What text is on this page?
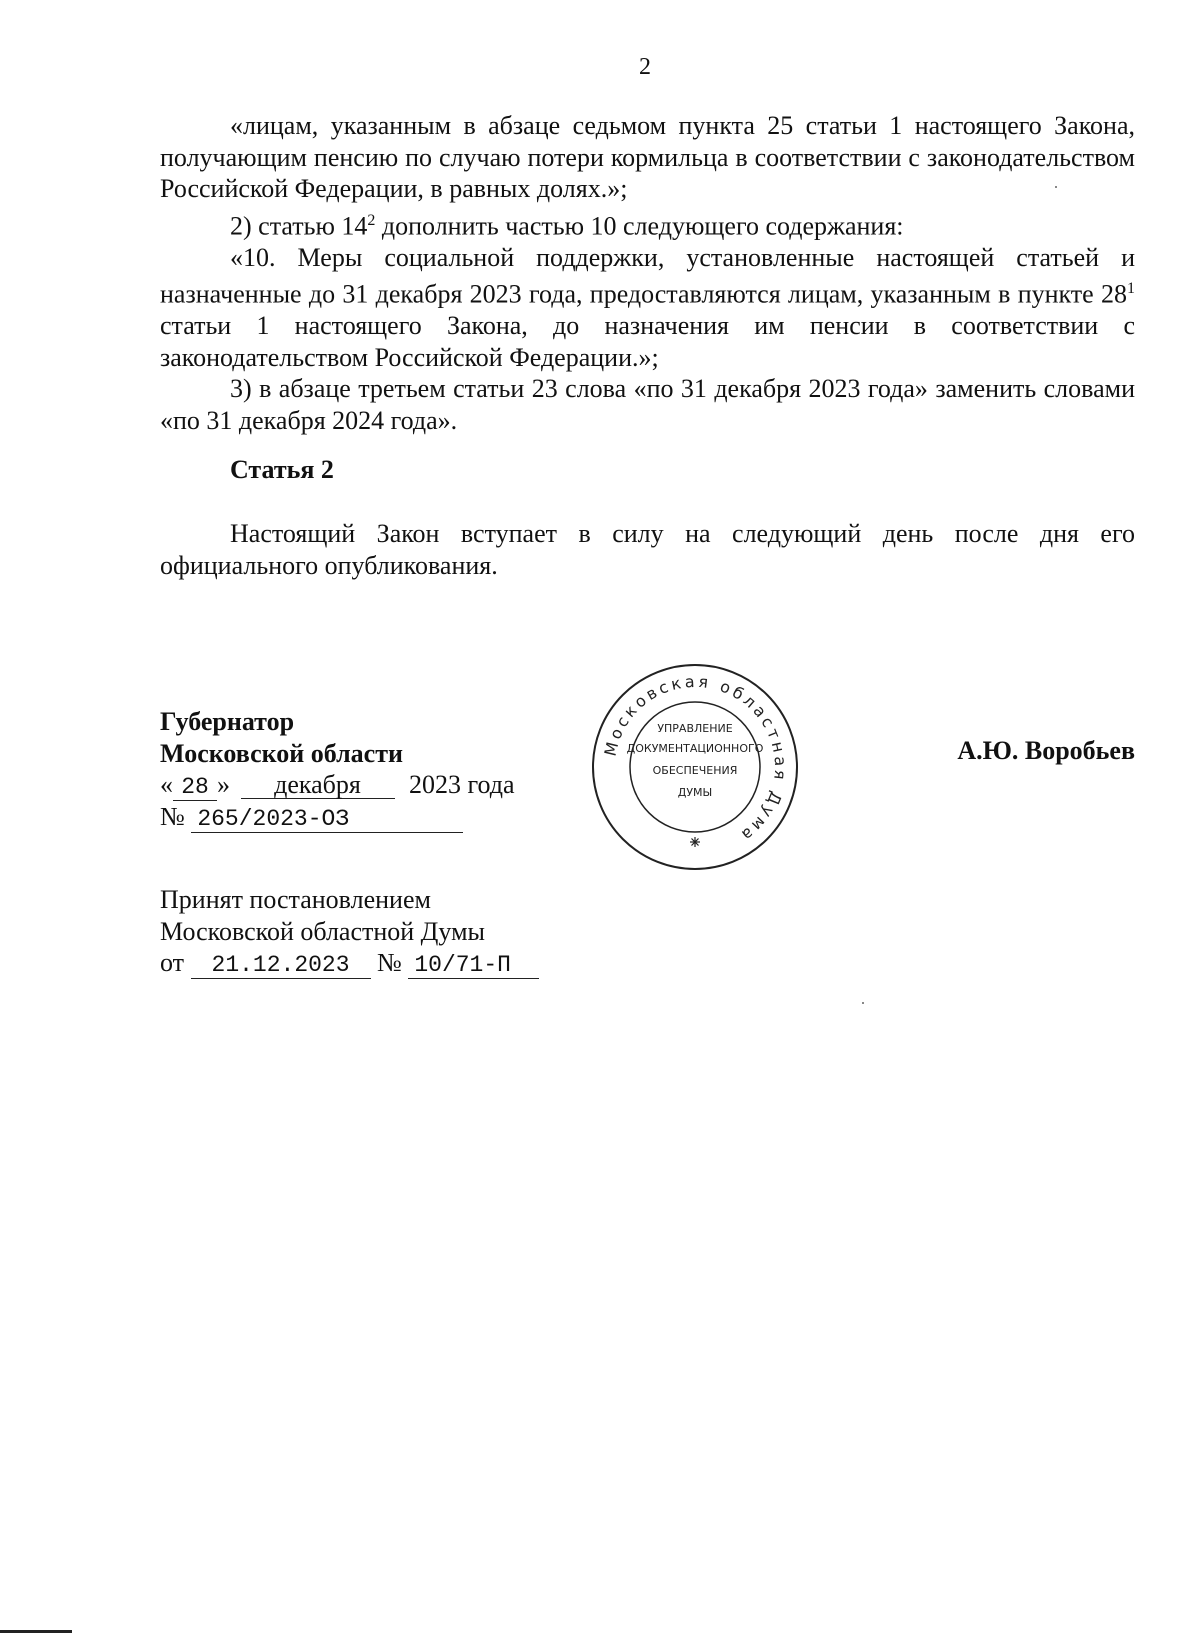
2

«лицам, указанным в абзаце седьмом пункта 25 статьи 1 настоящего Закона, получающим пенсию по случаю потери кормильца в соответствии с законодательством Российской Федерации, в равных долях.»;

2) статью $14^2$ дополнить частью 10 следующего содержания:

«10. Меры социальной поддержки, установленные настоящей статьей и назначенные до 31 декабря 2023 года, предоставляются лицам, указанным в пункте $28^1$ статьи 1 настоящего Закона, до назначения им пенсии в соответствии с законодательством Российской Федерации.»;

3) в абзаце третьем статьи 23 слова «по 31 декабря 2023 года» заменить словами «по 31 декабря 2024 года».

Статья 2

Настоящий Закон вступает в силу на следующий день после дня его официального опубликования.

Губернатор
Московской области
« 28 » декабря 2023 года
№ 265/2023-ОЗ
Московская областная Дума
УПРАВЛЕНИЕ
ДОКУМЕНТАЦИОННОГО
ОБЕСПЕЧЕНИЯ
ДУМЫ
А.Ю. Воробьев
Принят постановлением
Московской областной Думы
от 21.12.2023 № 10/71-П
